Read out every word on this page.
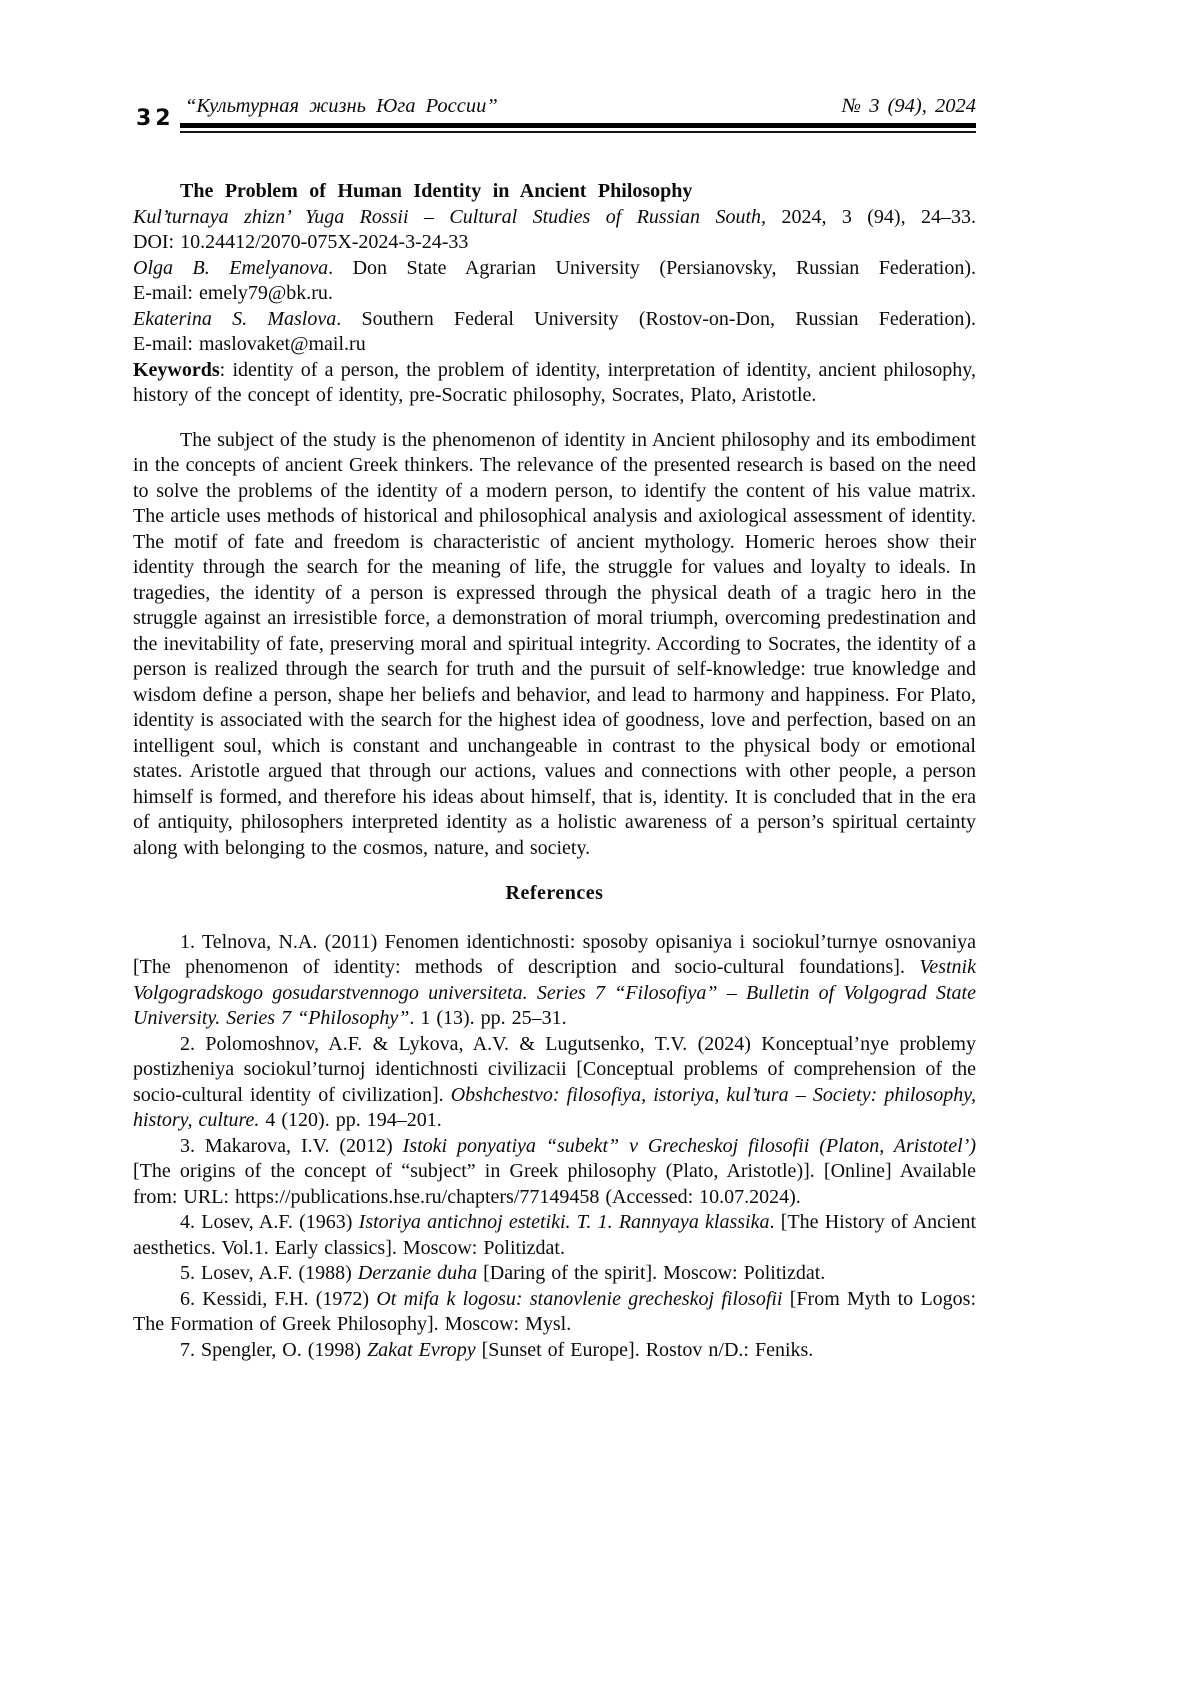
32 “Культурная жизнь Юга России”	№ 3 (94), 2024

The Problem of Human Identity in Ancient Philosophy

Kul’turnaya zhizn’ Yuga Rossii – Cultural Studies of Russian South, 2024, 3 (94), 24–33.

DOI: 10.24412/2070-075X-2024-3-24-33

Olga B. Emelyanova. Don State Agrarian University (Persianovsky, Russian Federation).

E-mail: emely79@bk.ru.

Ekaterina S. Maslova. Southern Federal University (Rostov-on-Don, Russian Federation).

E-mail: maslovaket@mail.ru

Keywords: identity of a person, the problem of identity, interpretation of identity, ancient philosophy, history of the concept of identity, pre-Socratic philosophy, Socrates, Plato, Aristotle.

The subject of the study is the phenomenon of identity in Ancient philosophy and its embodiment in the concepts of ancient Greek thinkers. The relevance of the presented research is based on the need to solve the problems of the identity of a modern person, to identify the content of his value matrix. The article uses methods of historical and philosophical analysis and axiological assessment of identity. The motif of fate and freedom is characteristic of ancient mythology. Homeric heroes show their identity through the search for the meaning of life, the struggle for values and loyalty to ideals. In tragedies, the identity of a person is expressed through the physical death of a tragic hero in the struggle against an irresistible force, a demonstration of moral triumph, overcoming predestination and the inevitability of fate, preserving moral and spiritual integrity. According to Socrates, the identity of a person is realized through the search for truth and the pursuit of self-knowledge: true knowledge and wisdom define a person, shape her beliefs and behavior, and lead to harmony and happiness. For Plato, identity is associated with the search for the highest idea of goodness, love and perfection, based on an intelligent soul, which is constant and unchangeable in contrast to the physical body or emotional states. Aristotle argued that through our actions, values and connections with other people, a person himself is formed, and therefore his ideas about himself, that is, identity. It is concluded that in the era of antiquity, philosophers interpreted identity as a holistic awareness of a person’s spiritual certainty along with belonging to the cosmos, nature, and society.

References

1. Telnova, N.A. (2011) Fenomen identichnosti: sposoby opisaniya i sociokul’turnye osnovaniya [The phenomenon of identity: methods of description and socio-cultural foundations]. Vestnik Volgogradskogo gosudarstvennogo universiteta. Series 7 “Filosofiya” – Bulletin of Volgograd State University. Series 7 “Philosophy”. 1 (13). pp. 25–31.

2. Polomoshnov, A.F. & Lykova, A.V. & Lugutsenko, T.V. (2024) Konceptual’nye problemy postizheniya sociokul’turnoj identichnosti civilizacii [Conceptual problems of comprehension of the socio-cultural identity of civilization]. Obshchestvo: filosofiya, istoriya, kul’tura – Society: philosophy, history, culture. 4 (120). pp. 194–201.

3. Makarova, I.V. (2012) Istoki ponyatiya “subekt” v Grecheskoj filosofii (Platon, Aristotel’) [The origins of the concept of “subject” in Greek philosophy (Plato, Aristotle)]. [Online] Available from: URL: https://publications.hse.ru/chapters/77149458 (Accessed: 10.07.2024).

4. Losev, A.F. (1963) Istoriya antichnoj estetiki. T. 1. Rannyaya klassika. [The History of Ancient aesthetics. Vol.1. Early classics]. Moscow: Politizdat.

5. Losev, A.F. (1988) Derzanie duha [Daring of the spirit]. Moscow: Politizdat.

6. Kessidi, F.H. (1972) Ot mifa k logosu: stanovlenie grecheskoj filosofii [From Myth to Logos: The Formation of Greek Philosophy]. Moscow: Mysl.

7. Spengler, O. (1998) Zakat Evropy [Sunset of Europe]. Rostov n/D.: Feniks.
